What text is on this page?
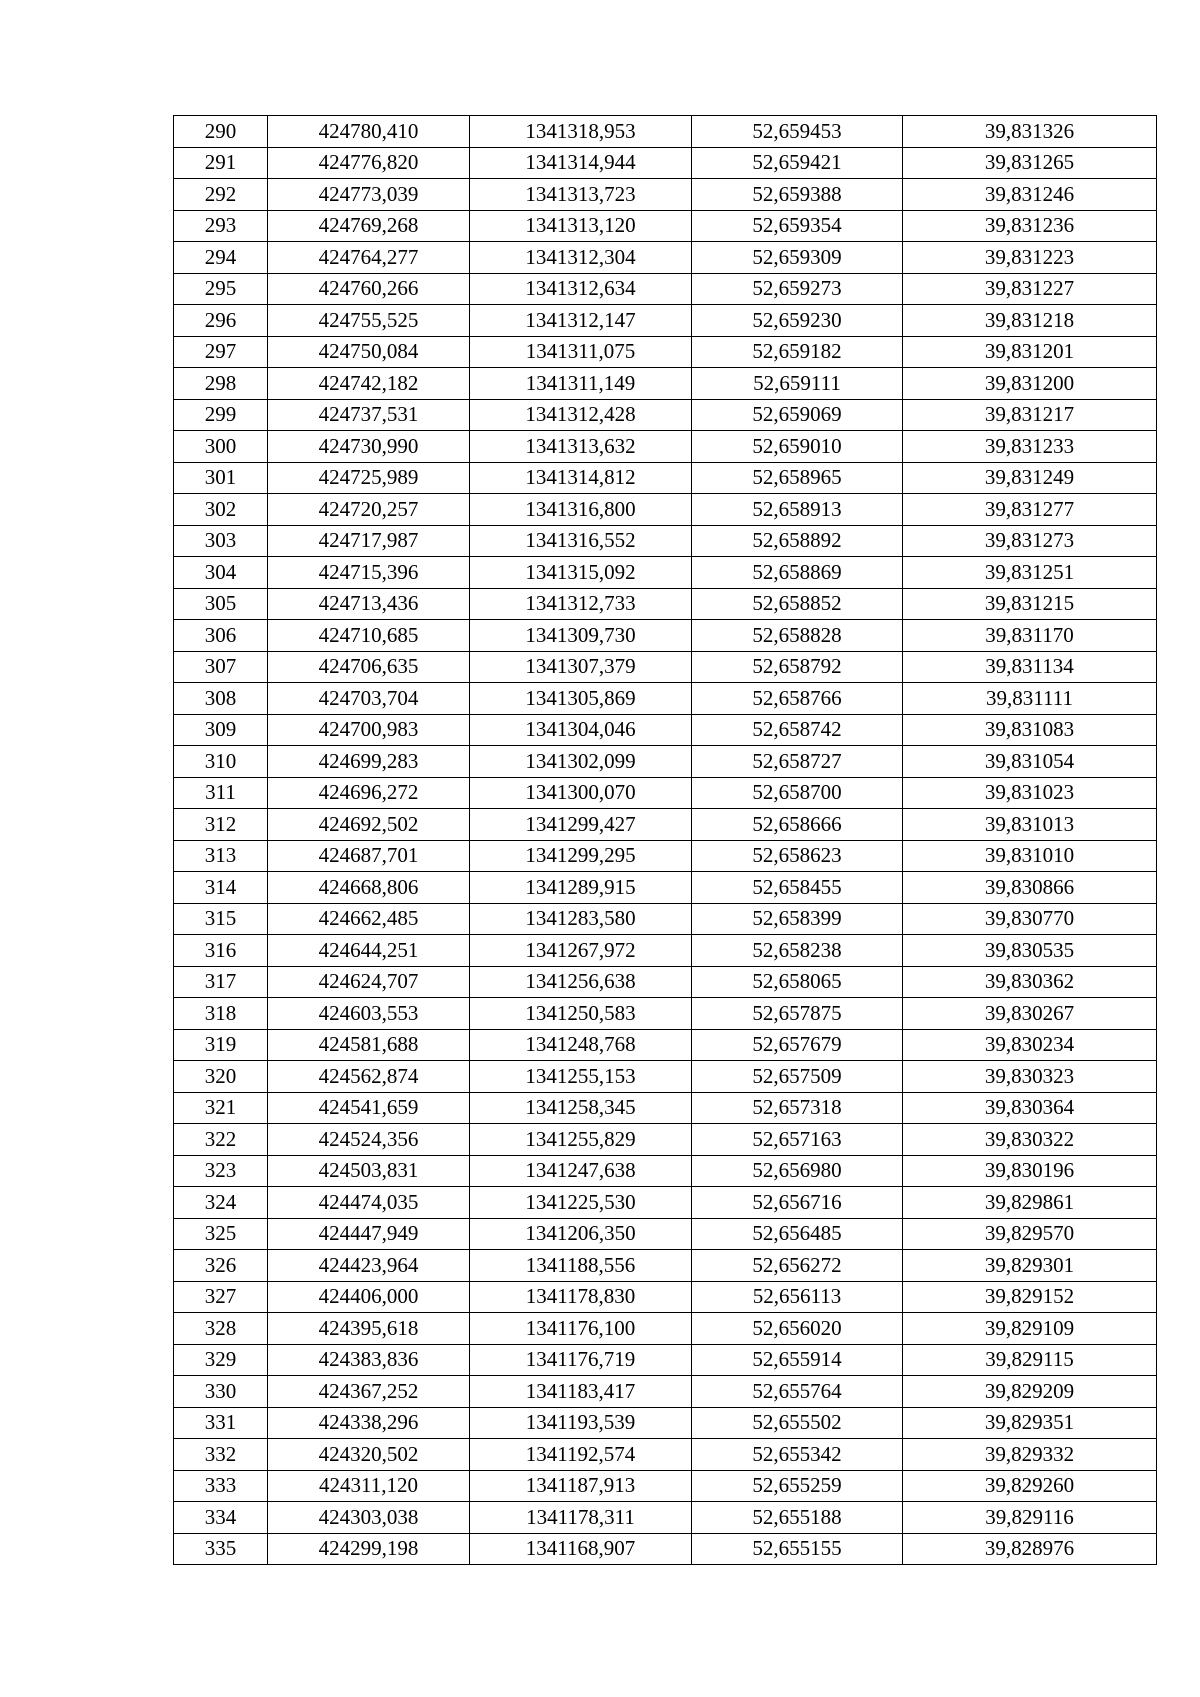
290	424780,410	1341318,953	52,659453	39,831326
291	424776,820	1341314,944	52,659421	39,831265
292	424773,039	1341313,723	52,659388	39,831246
293	424769,268	1341313,120	52,659354	39,831236
294	424764,277	1341312,304	52,659309	39,831223
295	424760,266	1341312,634	52,659273	39,831227
296	424755,525	1341312,147	52,659230	39,831218
297	424750,084	1341311,075	52,659182	39,831201
298	424742,182	1341311,149	52,659111	39,831200
299	424737,531	1341312,428	52,659069	39,831217
300	424730,990	1341313,632	52,659010	39,831233
301	424725,989	1341314,812	52,658965	39,831249
302	424720,257	1341316,800	52,658913	39,831277
303	424717,987	1341316,552	52,658892	39,831273
304	424715,396	1341315,092	52,658869	39,831251
305	424713,436	1341312,733	52,658852	39,831215
306	424710,685	1341309,730	52,658828	39,831170
307	424706,635	1341307,379	52,658792	39,831134
308	424703,704	1341305,869	52,658766	39,831111
309	424700,983	1341304,046	52,658742	39,831083
310	424699,283	1341302,099	52,658727	39,831054
311	424696,272	1341300,070	52,658700	39,831023
312	424692,502	1341299,427	52,658666	39,831013
313	424687,701	1341299,295	52,658623	39,831010
314	424668,806	1341289,915	52,658455	39,830866
315	424662,485	1341283,580	52,658399	39,830770
316	424644,251	1341267,972	52,658238	39,830535
317	424624,707	1341256,638	52,658065	39,830362
318	424603,553	1341250,583	52,657875	39,830267
319	424581,688	1341248,768	52,657679	39,830234
320	424562,874	1341255,153	52,657509	39,830323
321	424541,659	1341258,345	52,657318	39,830364
322	424524,356	1341255,829	52,657163	39,830322
323	424503,831	1341247,638	52,656980	39,830196
324	424474,035	1341225,530	52,656716	39,829861
325	424447,949	1341206,350	52,656485	39,829570
326	424423,964	1341188,556	52,656272	39,829301
327	424406,000	1341178,830	52,656113	39,829152
328	424395,618	1341176,100	52,656020	39,829109
329	424383,836	1341176,719	52,655914	39,829115
330	424367,252	1341183,417	52,655764	39,829209
331	424338,296	1341193,539	52,655502	39,829351
332	424320,502	1341192,574	52,655342	39,829332
333	424311,120	1341187,913	52,655259	39,829260
334	424303,038	1341178,311	52,655188	39,829116
335	424299,198	1341168,907	52,655155	39,828976
